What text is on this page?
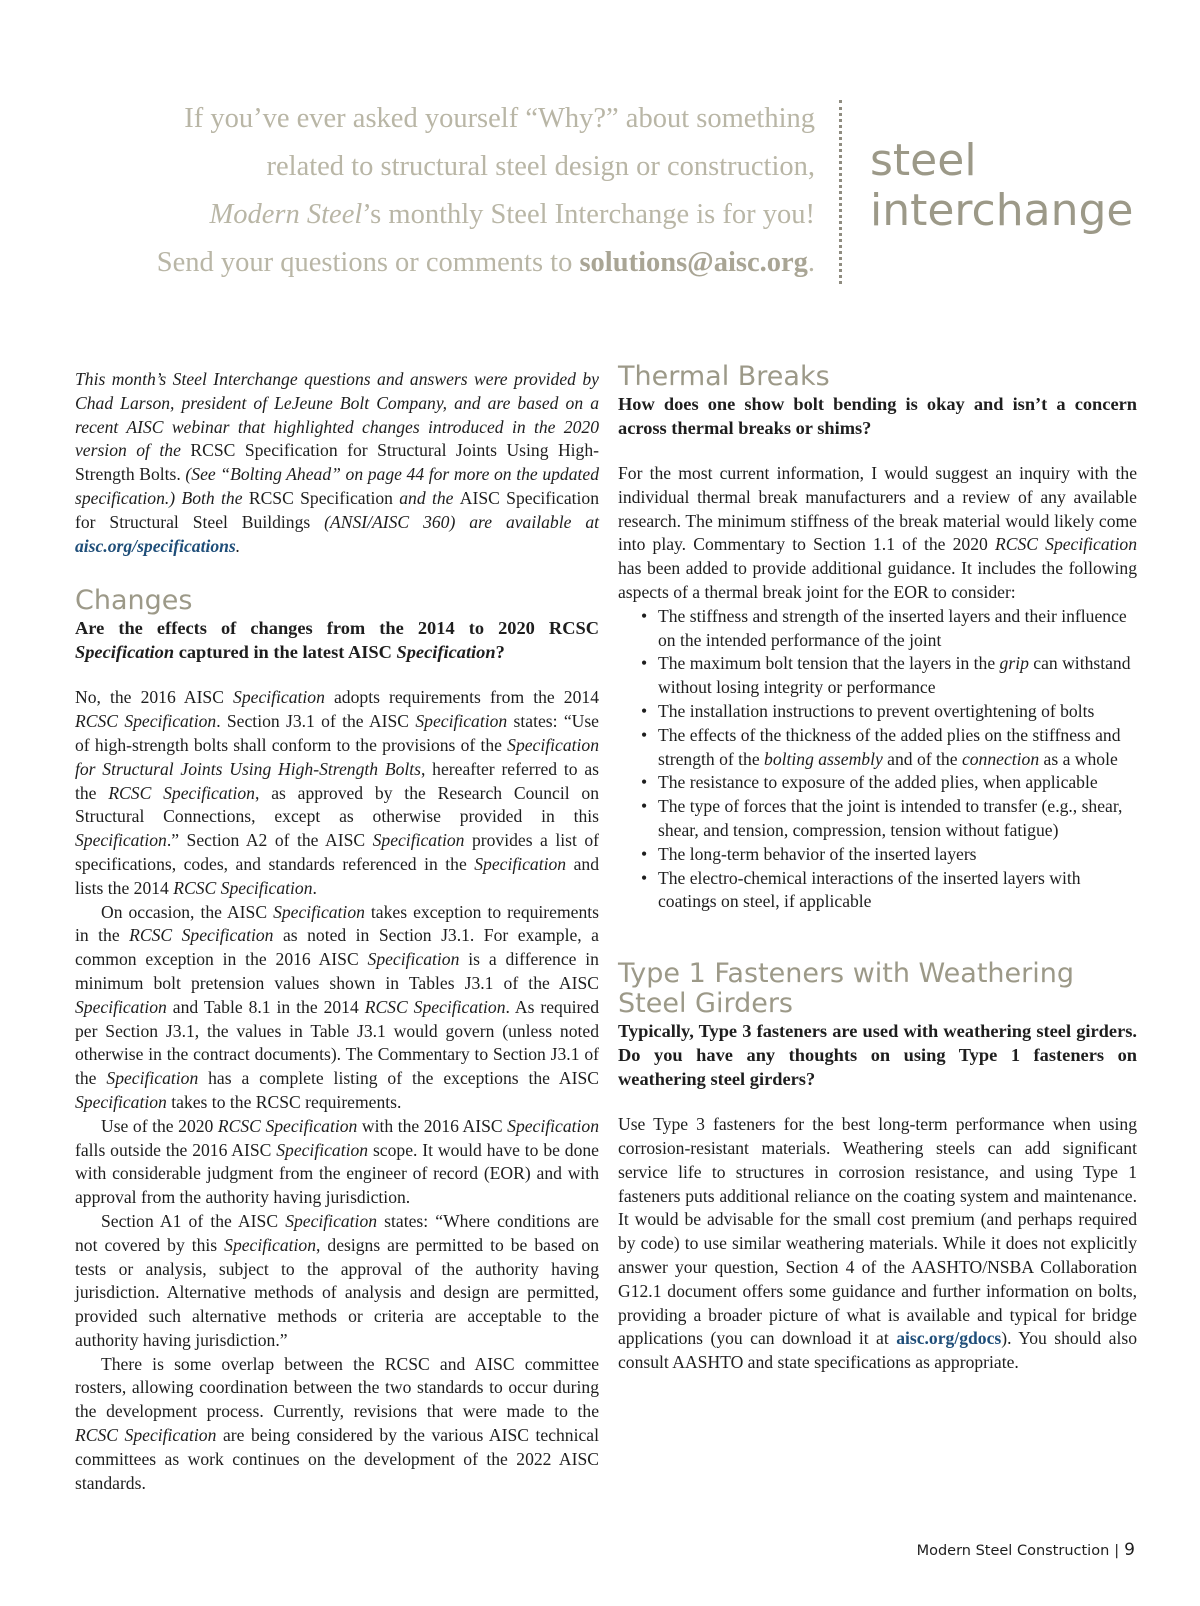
If you’ve ever asked yourself “Why?” about something
related to structural steel design or construction,
Modern Steel’s monthly Steel Interchange is for you!
Send your questions or comments to solutions@aisc.org.
steel
interchange

This month’s Steel Interchange questions and answers were provided by Chad Larson, president of LeJeune Bolt Company, and are based on a recent AISC webinar that highlighted changes introduced in the 2020 version of the RCSC Specification for Structural Joints Using High-Strength Bolts. (See “Bolting Ahead” on page 44 for more on the updated specification.) Both the RCSC Specification and the AISC Specification for Structural Steel Buildings (ANSI/AISC 360) are available at aisc.org/specifications.

Changes

Are the effects of changes from the 2014 to 2020 RCSC Specification captured in the latest AISC Specification?

No, the 2016 AISC Specification adopts requirements from the 2014 RCSC Specification. Section J3.1 of the AISC Specification states: “Use of high-strength bolts shall conform to the provisions of the Specification for Structural Joints Using High-Strength Bolts, hereafter referred to as the RCSC Specification, as approved by the Research Council on Structural Connections, except as otherwise provided in this Specification.” Section A2 of the AISC Specification provides a list of specifications, codes, and standards referenced in the Specification and lists the 2014 RCSC Specification.

On occasion, the AISC Specification takes exception to requirements in the RCSC Specification as noted in Section J3.1. For example, a common exception in the 2016 AISC Specification is a difference in minimum bolt pretension values shown in Tables J3.1 of the AISC Specification and Table 8.1 in the 2014 RCSC Specification. As required per Section J3.1, the values in Table J3.1 would govern (unless noted otherwise in the contract documents). The Commentary to Section J3.1 of the Specification has a complete listing of the exceptions the AISC Specification takes to the RCSC requirements.

Use of the 2020 RCSC Specification with the 2016 AISC Specification falls outside the 2016 AISC Specification scope. It would have to be done with considerable judgment from the engineer of record (EOR) and with approval from the authority having jurisdiction.

Section A1 of the AISC Specification states: “Where conditions are not covered by this Specification, designs are permitted to be based on tests or analysis, subject to the approval of the authority having jurisdiction. Alternative methods of analysis and design are permitted, provided such alternative methods or criteria are acceptable to the authority having jurisdiction.”

There is some overlap between the RCSC and AISC committee rosters, allowing coordination between the two standards to occur during the development process. Currently, revisions that were made to the RCSC Specification are being considered by the various AISC technical committees as work continues on the development of the 2022 AISC standards.

Thermal Breaks

How does one show bolt bending is okay and isn’t a concern across thermal breaks or shims?

For the most current information, I would suggest an inquiry with the individual thermal break manufacturers and a review of any available research. The minimum stiffness of the break material would likely come into play. Commentary to Section 1.1 of the 2020 RCSC Specification has been added to provide additional guidance. It includes the following aspects of a thermal break joint for the EOR to consider:

• The stiffness and strength of the inserted layers and their influence on the intended performance of the joint
• The maximum bolt tension that the layers in the grip can withstand without losing integrity or performance
• The installation instructions to prevent overtightening of bolts
• The effects of the thickness of the added plies on the stiffness and strength of the bolting assembly and of the connection as a whole
• The resistance to exposure of the added plies, when applicable
• The type of forces that the joint is intended to transfer (e.g., shear, shear, and tension, compression, tension without fatigue)
• The long-term behavior of the inserted layers
• The electro-chemical interactions of the inserted layers with coatings on steel, if applicable
Type 1 Fasteners with Weathering
Steel Girders

Typically, Type 3 fasteners are used with weathering steel girders. Do you have any thoughts on using Type 1 fasteners on weathering steel girders?

Use Type 3 fasteners for the best long-term performance when using corrosion-resistant materials. Weathering steels can add significant service life to structures in corrosion resistance, and using Type 1 fasteners puts additional reliance on the coating system and maintenance. It would be advisable for the small cost premium (and perhaps required by code) to use similar weathering materials. While it does not explicitly answer your question, Section 4 of the AASHTO/NSBA Collaboration G12.1 document offers some guidance and further information on bolts, providing a broader picture of what is available and typical for bridge applications (you can download it at aisc.org/gdocs). You should also consult AASHTO and state specifications as appropriate.

Modern Steel Construction | 9
